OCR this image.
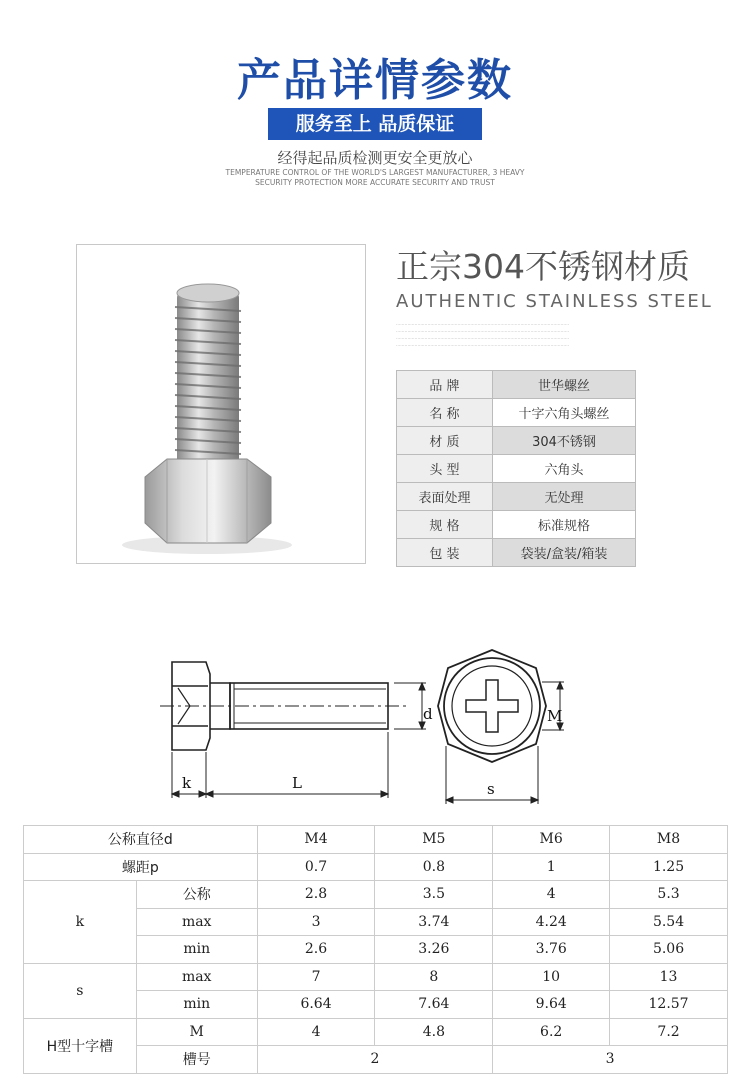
产品详情参数
服务至上 品质保证
经得起品质检测更安全更放心
TEMPERATURE CONTROL OF THE WORLD'S LARGEST MANUFACTURER, 3 HEAVY
SECURITY PROTECTION MORE ACCURATE SECURITY AND TRUST
正宗304不锈钢材质
AUTHENTIC STAINLESS STEEL
·························································································································
·························································································································
·························································································································
·························································································································
品 牌	世华螺丝
名 称	十字六角头螺丝
材 质	304不锈钢
头 型	六角头
表面处理	无处理
规 格	标准规格
包 装	袋装/盒装/箱装
d	M
k	L	s
公称直径d		M4	M5	M6	M8
螺距p		0.7	0.8	1	1.25
k	公称	2.8	3.5	4	5.3
	max	3	3.74	4.24	5.54
	min	2.6	3.26	3.76	5.06
s	max	7	8	10	13
	min	6.64	7.64	9.64	12.57
H型十字槽	M	4	4.8	6.2	7.2
	槽号	2		3	
